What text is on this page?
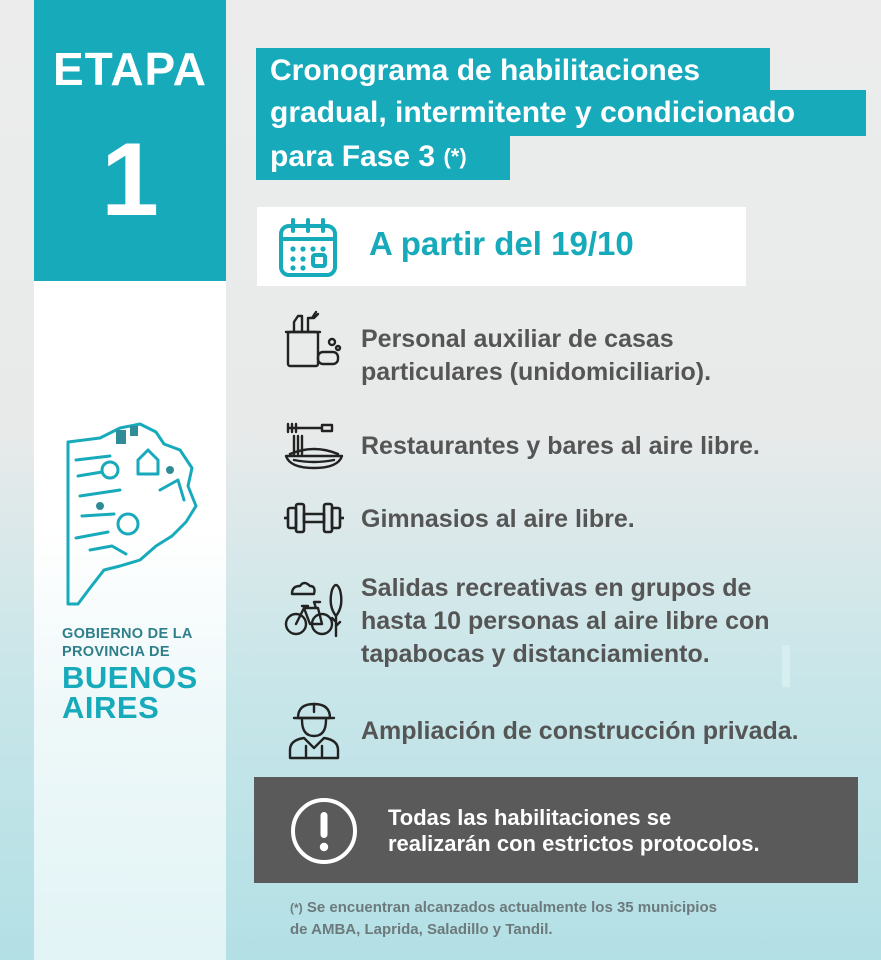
ETAPA
1
GOBIERNO DE LA
PROVINCIA DE
BUENOS
AIRES
Cronograma de habilitaciones
gradual, intermitente y condicionado
para Fase 3 (*)
A partir del 19/10
Personal auxiliar de casas
particulares (unidomiciliario).
Restaurantes y bares al aire libre.
Gimnasios al aire libre.
Salidas recreativas en grupos de
hasta 10 personas al aire libre con
tapabocas y distanciamiento.
Ampliación de construcción privada.
Todas las habilitaciones se
realizarán con estrictos protocolos.
(*) Se encuentran alcanzados actualmente los 35 municipios
de AMBA, Laprida, Saladillo y Tandil.
